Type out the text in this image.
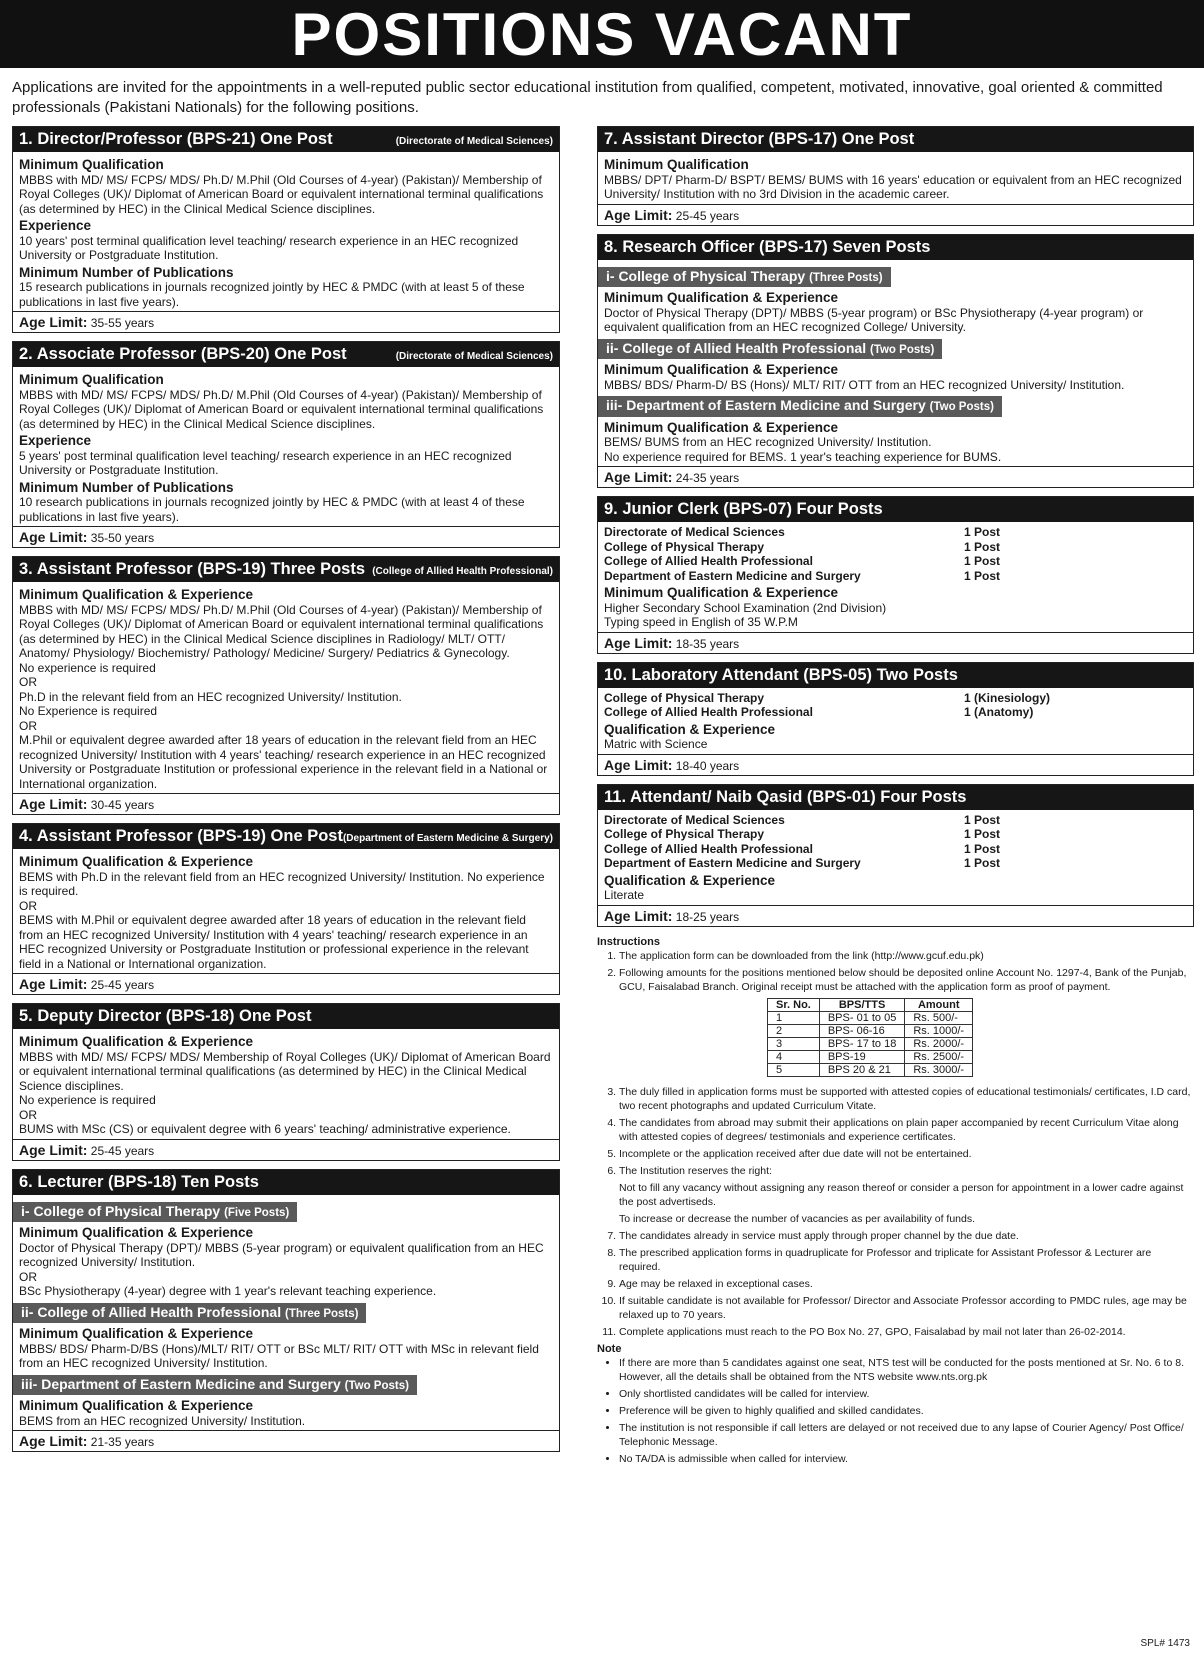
POSITIONS VACANT
Applications are invited for the appointments in a well-reputed public sector educational institution from qualified, competent, motivated, innovative, goal oriented & committed professionals (Pakistani Nationals) for the following positions.
1. Director/Professor (BPS-21) One Post	(Directorate of Medical Sciences)
Minimum Qualification
MBBS with MD/ MS/ FCPS/ MDS/ Ph.D/ M.Phil (Old Courses of 4-year) (Pakistan)/ Membership of Royal Colleges (UK)/ Diplomat of American Board or equivalent international terminal qualifications (as determined by HEC) in the Clinical Medical Science disciplines.
Experience
10 years' post terminal qualification level teaching/ research experience in an HEC recognized University or Postgraduate Institution.
Minimum Number of Publications
15 research publications in journals recognized jointly by HEC & PMDC (with at least 5 of these publications in last five years).
Age Limit: 35-55 years
2. Associate Professor (BPS-20) One Post	(Directorate of Medical Sciences)
Minimum Qualification
MBBS with MD/ MS/ FCPS/ MDS/ Ph.D/ M.Phil (Old Courses of 4-year) (Pakistan)/ Membership of Royal Colleges (UK)/ Diplomat of American Board or equivalent international terminal qualifications (as determined by HEC) in the Clinical Medical Science disciplines.
Experience
5 years' post terminal qualification level teaching/ research experience in an HEC recognized University or Postgraduate Institution.
Minimum Number of Publications
10 research publications in journals recognized jointly by HEC & PMDC (with at least 4 of these publications in last five years).
Age Limit: 35-50 years
3. Assistant Professor (BPS-19) Three Posts (College of Allied Health Professional)
Minimum Qualification & Experience
MBBS with MD/ MS/ FCPS/ MDS/ Ph.D/ M.Phil (Old Courses of 4-year) (Pakistan)/ Membership of Royal Colleges (UK)/ Diplomat of American Board or equivalent international terminal qualifications (as determined by HEC) in the Clinical Medical Science disciplines in Radiology/ MLT/ OTT/ Anatomy/ Physiology/ Biochemistry/ Pathology/ Medicine/ Surgery/ Pediatrics & Gynecology.
No experience is required
OR
Ph.D in the relevant field from an HEC recognized University/ Institution.
No Experience is required
OR
M.Phil or equivalent degree awarded after 18 years of education in the relevant field from an HEC recognized University/ Institution with 4 years' teaching/ research experience in an HEC recognized University or Postgraduate Institution or professional experience in the relevant field in a National or International organization.
Age Limit: 30-45 years
4. Assistant Professor (BPS-19) One Post (Department of Eastern Medicine & Surgery)
Minimum Qualification & Experience
BEMS with Ph.D in the relevant field from an HEC recognized University/ Institution. No experience is required.
OR
BEMS with M.Phil or equivalent degree awarded after 18 years of education in the relevant field from an HEC recognized University/ Institution with 4 years' teaching/ research experience in an HEC recognized University or Postgraduate Institution or professional experience in the relevant field in a National or International organization.
Age Limit: 25-45 years
5. Deputy Director (BPS-18) One Post
Minimum Qualification & Experience
MBBS with MD/ MS/ FCPS/ MDS/ Membership of Royal Colleges (UK)/ Diplomat of American Board or equivalent international terminal qualifications (as determined by HEC) in the Clinical Medical Science disciplines.
No experience is required
OR
BUMS with MSc (CS) or equivalent degree with 6 years' teaching/ administrative experience.
Age Limit: 25-45 years
6. Lecturer (BPS-18) Ten Posts
i- College of Physical Therapy (Five Posts)
Minimum Qualification & Experience
Doctor of Physical Therapy (DPT)/ MBBS (5-year program) or equivalent qualification from an HEC recognized University/ Institution.
OR
BSc Physiotherapy (4-year) degree with 1 year's relevant teaching experience.
ii- College of Allied Health Professional (Three Posts)
Minimum Qualification & Experience
MBBS/ BDS/ Pharm-D/BS (Hons)/MLT/ RIT/ OTT or BSc MLT/ RIT/ OTT with MSc in relevant field from an HEC recognized University/ Institution.
iii- Department of Eastern Medicine and Surgery (Two Posts)
Minimum Qualification & Experience
BEMS from an HEC recognized University/ Institution.
Age Limit: 21-35 years
7. Assistant Director (BPS-17) One Post
Minimum Qualification
MBBS/ DPT/ Pharm-D/ BSPT/ BEMS/ BUMS with 16 years' education or equivalent from an HEC recognized University/ Institution with no 3rd Division in the academic career.
Age Limit: 25-45 years
8. Research Officer (BPS-17) Seven Posts
i- College of Physical Therapy (Three Posts)
Minimum Qualification & Experience
Doctor of Physical Therapy (DPT)/ MBBS (5-year program) or BSc Physiotherapy (4-year program) or equivalent qualification from an HEC recognized College/ University.
ii- College of Allied Health Professional (Two Posts)
Minimum Qualification & Experience
MBBS/ BDS/ Pharm-D/ BS (Hons)/ MLT/ RIT/ OTT from an HEC recognized University/ Institution.
iii- Department of Eastern Medicine and Surgery (Two Posts)
Minimum Qualification & Experience
BEMS/ BUMS from an HEC recognized University/ Institution.
No experience required for BEMS. 1 year's teaching experience for BUMS.
Age Limit: 24-35 years
9. Junior Clerk (BPS-07) Four Posts
Directorate of Medical Sciences	1 Post
College of Physical Therapy	1 Post
College of Allied Health Professional	1 Post
Department of Eastern Medicine and Surgery	1 Post
Minimum Qualification & Experience
Higher Secondary School Examination (2nd Division)
Typing speed in English of 35 W.P.M
Age Limit: 18-35 years
10. Laboratory Attendant (BPS-05) Two Posts
College of Physical Therapy	1 (Kinesiology)
College of Allied Health Professional	1 (Anatomy)
Qualification & Experience
Matric with Science
Age Limit: 18-40 years
11. Attendant/ Naib Qasid (BPS-01) Four Posts
Directorate of Medical Sciences	1 Post
College of Physical Therapy	1 Post
College of Allied Health Professional	1 Post
Department of Eastern Medicine and Surgery	1 Post
Qualification & Experience
Literate
Age Limit: 18-25 years
Instructions
1. The application form can be downloaded from the link (http://www.gcuf.edu.pk)
2. Following amounts for the positions mentioned below should be deposited online Account No. 1297-4, Bank of the Punjab, GCU, Faisalabad Branch. Original receipt must be attached with the application form as proof of payment.
Sr. No.	BPS/TTS	Amount
1	BPS- 01 to 05	Rs. 500/-
2	BPS- 06-16	Rs. 1000/-
3	BPS- 17 to 18	Rs. 2000/-
4	BPS-19	Rs. 2500/-
5	BPS 20 & 21	Rs. 3000/-
3. The duly filled in application forms must be supported with attested copies of educational testimonials/ certificates, I.D card, two recent photographs and updated Curriculum Vitate.
4. The candidates from abroad may submit their applications on plain paper accompanied by recent Curriculum Vitae along with attested copies of degrees/ testimonials and experience certificates.
5. Incomplete or the application received after due date will not be entertained.
6. The Institution reserves the right:
Not to fill any vacancy without assigning any reason thereof or consider a person for appointment in a lower cadre against the post advertiseds.
To increase or decrease the number of vacancies as per availability of funds.
7. The candidates already in service must apply through proper channel by the due date.
8. The prescribed application forms in quadruplicate for Professor and triplicate for Assistant Professor & Lecturer are required.
9. Age may be relaxed in exceptional cases.
10. If suitable candidate is not available for Professor/ Director and Associate Professor according to PMDC rules, age may be relaxed up to 70 years.
11. Complete applications must reach to the PO Box No. 27, GPO, Faisalabad by mail not later than 26-02-2014.
Note
• If there are more than 5 candidates against one seat, NTS test will be conducted for the posts mentioned at Sr. No. 6 to 8. However, all the details shall be obtained from the NTS website www.nts.org.pk
• Only shortlisted candidates will be called for interview.
• Preference will be given to highly qualified and skilled candidates.
• The institution is not responsible if call letters are delayed or not received due to any lapse of Courier Agency/ Post Office/ Telephonic Message.
• No TA/DA is admissible when called for interview.
SPL# 1473
